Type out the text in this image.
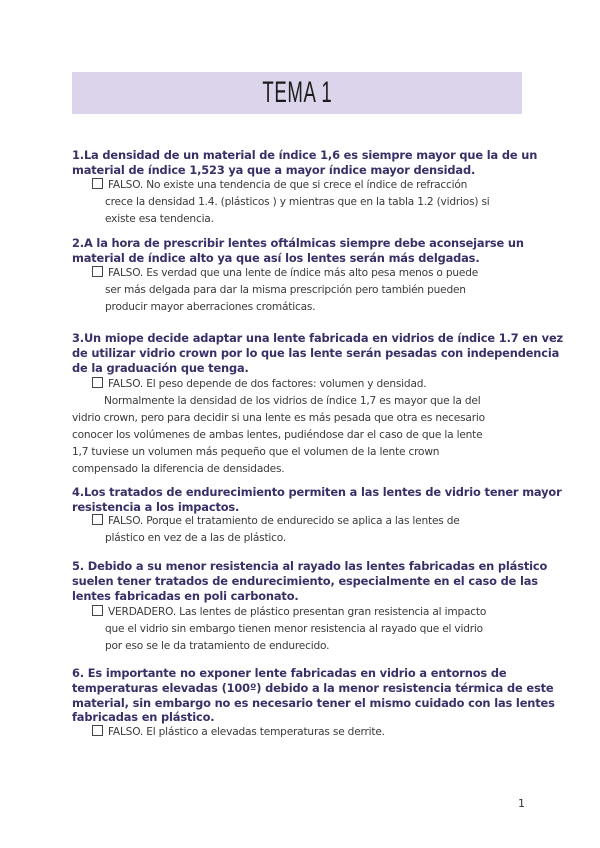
TEMA 1
1.La densidad de un material de índice 1,6 es siempre mayor que la de un
material de índice 1,523 ya que a mayor índice mayor densidad.
FALSO. No existe una tendencia de que si crece el índice de refracción
crece la densidad 1.4. (plásticos ) y mientras que en la tabla 1.2 (vidrios) si
existe esa tendencia.
2.A la hora de prescribir lentes oftálmicas siempre debe aconsejarse un
material de índice alto ya que así los lentes serán más delgadas.
FALSO. Es verdad que una lente de índice más alto pesa menos o puede
ser más delgada para dar la misma prescripción pero también pueden
producir mayor aberraciones cromáticas.
3.Un miope decide adaptar una lente fabricada en vidrios de índice 1.7 en vez
de utilizar vidrio crown por lo que las lente serán pesadas con independencia
de la graduación que tenga.
FALSO. El peso depende de dos factores: volumen y densidad.
Normalmente la densidad de los vidrios de índice 1,7 es mayor que la del
vidrio crown, pero para decidir si una lente es más pesada que otra es necesario
conocer los volúmenes de ambas lentes, pudiéndose dar el caso de que la lente
1,7 tuviese un volumen más pequeño que el volumen de la lente crown
compensado la diferencia de densidades.
4.Los tratados de endurecimiento permiten a las lentes de vidrio tener mayor
resistencia a los impactos.
FALSO. Porque el tratamiento de endurecido se aplica a las lentes de
plástico en vez de a las de plástico.
5. Debido a su menor resistencia al rayado las lentes fabricadas en plástico
suelen tener tratados de endurecimiento, especialmente en el caso de las
lentes fabricadas en poli carbonato.
VERDADERO. Las lentes de plástico presentan gran resistencia al impacto
que el vidrio sin embargo tienen menor resistencia al rayado que el vidrio
por eso se le da tratamiento de endurecido.
6. Es importante no exponer lente fabricadas en vidrio a entornos de
temperaturas elevadas (100º) debido a la menor resistencia térmica de este
material, sin embargo no es necesario tener el mismo cuidado con las lentes
fabricadas en plástico.
FALSO. El plástico a elevadas temperaturas se derrite.
1
